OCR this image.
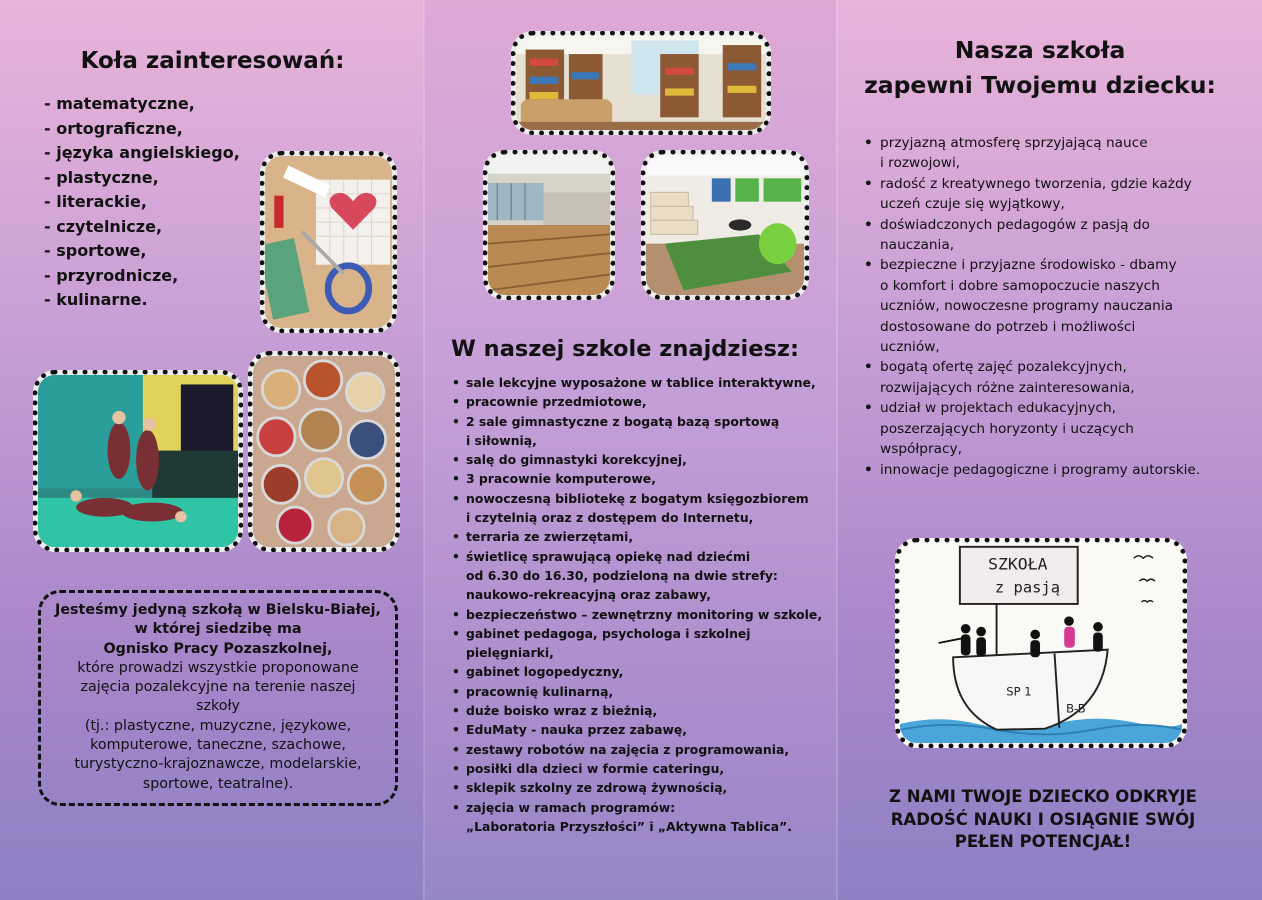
Koła zainteresowań:
- matematyczne,
- ortograficzne,
- języka angielskiego,
- plastyczne,
- literackie,
- czytelnicze,
- sportowe,
- przyrodnicze,
- kulinarne.
Jesteśmy jedyną szkołą w Bielsku-Białej,
w której siedzibę ma
Ognisko Pracy Pozaszkolnej,
które prowadzi wszystkie proponowane
zajęcia pozalekcyjne na terenie naszej
szkoły
(tj.: plastyczne, muzyczne, językowe,
komputerowe, taneczne, szachowe,
turystyczno-krajoznawcze, modelarskie,
sportowe, teatralne).
W naszej szkole znajdziesz:
• sale lekcyjne wyposażone w tablice interaktywne,
• pracownie przedmiotowe,
• 2 sale gimnastyczne z bogatą bazą sportową
i siłownią,
• salę do gimnastyki korekcyjnej,
• 3 pracownie komputerowe,
• nowoczesną bibliotekę z bogatym księgozbiorem
i czytelnią oraz z dostępem do Internetu,
• terraria ze zwierzętami,
• świetlicę sprawującą opiekę nad dziećmi
od 6.30 do 16.30, podzieloną na dwie strefy:
naukowo-rekreacyjną oraz zabawy,
• bezpieczeństwo – zewnętrzny monitoring w szkole,
• gabinet pedagoga, psychologa i szkolnej
pielęgniarki,
• gabinet logopedyczny,
• pracownię kulinarną,
• duże boisko wraz z bieżnią,
• EduMaty - nauka przez zabawę,
• zestawy robotów na zajęcia z programowania,
• posiłki dla dzieci w formie cateringu,
• sklepik szkolny ze zdrową żywnością,
• zajęcia w ramach programów:
„Laboratoria Przyszłości” i „Aktywna Tablica”.
Nasza szkoła
zapewni Twojemu dziecku:
• przyjazną atmosferę sprzyjającą nauce
i rozwojowi,
• radość z kreatywnego tworzenia, gdzie każdy
uczeń czuje się wyjątkowy,
• doświadczonych pedagogów z pasją do
nauczania,
• bezpieczne i przyjazne środowisko - dbamy
o komfort i dobre samopoczucie naszych
uczniów, nowoczesne programy nauczania
dostosowane do potrzeb i możliwości
uczniów,
• bogatą ofertę zajęć pozalekcyjnych,
rozwijających różne zainteresowania,
• udział w projektach edukacyjnych,
poszerzających horyzonty i uczących
współpracy,
• innowacje pedagogiczne i programy autorskie.
SZKOŁA
z pasją
SP 1
B-B
Z NAMI TWOJE DZIECKO ODKRYJE
RADOŚĆ NAUKI I OSIĄGNIE SWÓJ
PEŁEN POTENCJAŁ!
